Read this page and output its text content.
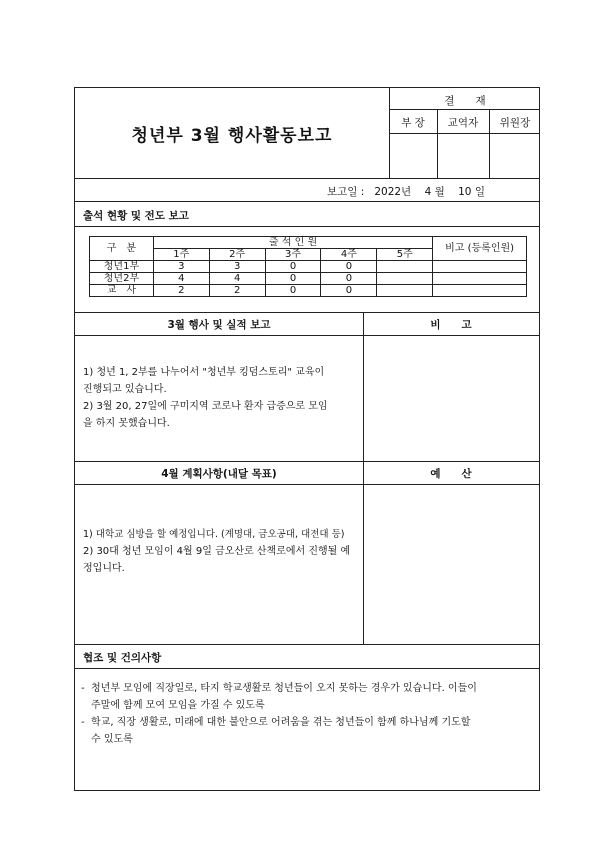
청년부 3월 행사활동보고
결　　재
부 장	교역자	위원장
보고일 : 2022년 4 월 10 일
출석 현황 및 전도 보고
구　분	출 석 인 원					비고 (등록인원)
	1주	2주	3주	4주	5주	
청년1부	3	3	0	0		
청년2부	4	4	0	0		
교　사	2	2	0	0		
3월 행사 및 실적 보고	비　　고
1) 청년 1, 2부를 나누어서 "청년부 킹덤스토리" 교육이
진행되고 있습니다.
2) 3월 20, 27일에 구미지역 코로나 환자 급증으로 모임
을 하지 못했습니다.
4월 계획사항(내달 목표)	예　　산
1) 대학교 심방을 할 예정입니다. (계명대, 금오공대, 대전대 등)
2) 30대 청년 모임이 4월 9일 금오산로 산책로에서 진행될 예
정입니다.
협조 및 건의사항
- 청년부 모임에 직장일로, 타지 학교생활로 청년들이 오지 못하는 경우가 있습니다. 이들이
주말에 함께 모여 모임을 가질 수 있도록
- 학교, 직장 생활로, 미래에 대한 불안으로 어려움을 겪는 청년들이 함께 하나님께 기도할
수 있도록
